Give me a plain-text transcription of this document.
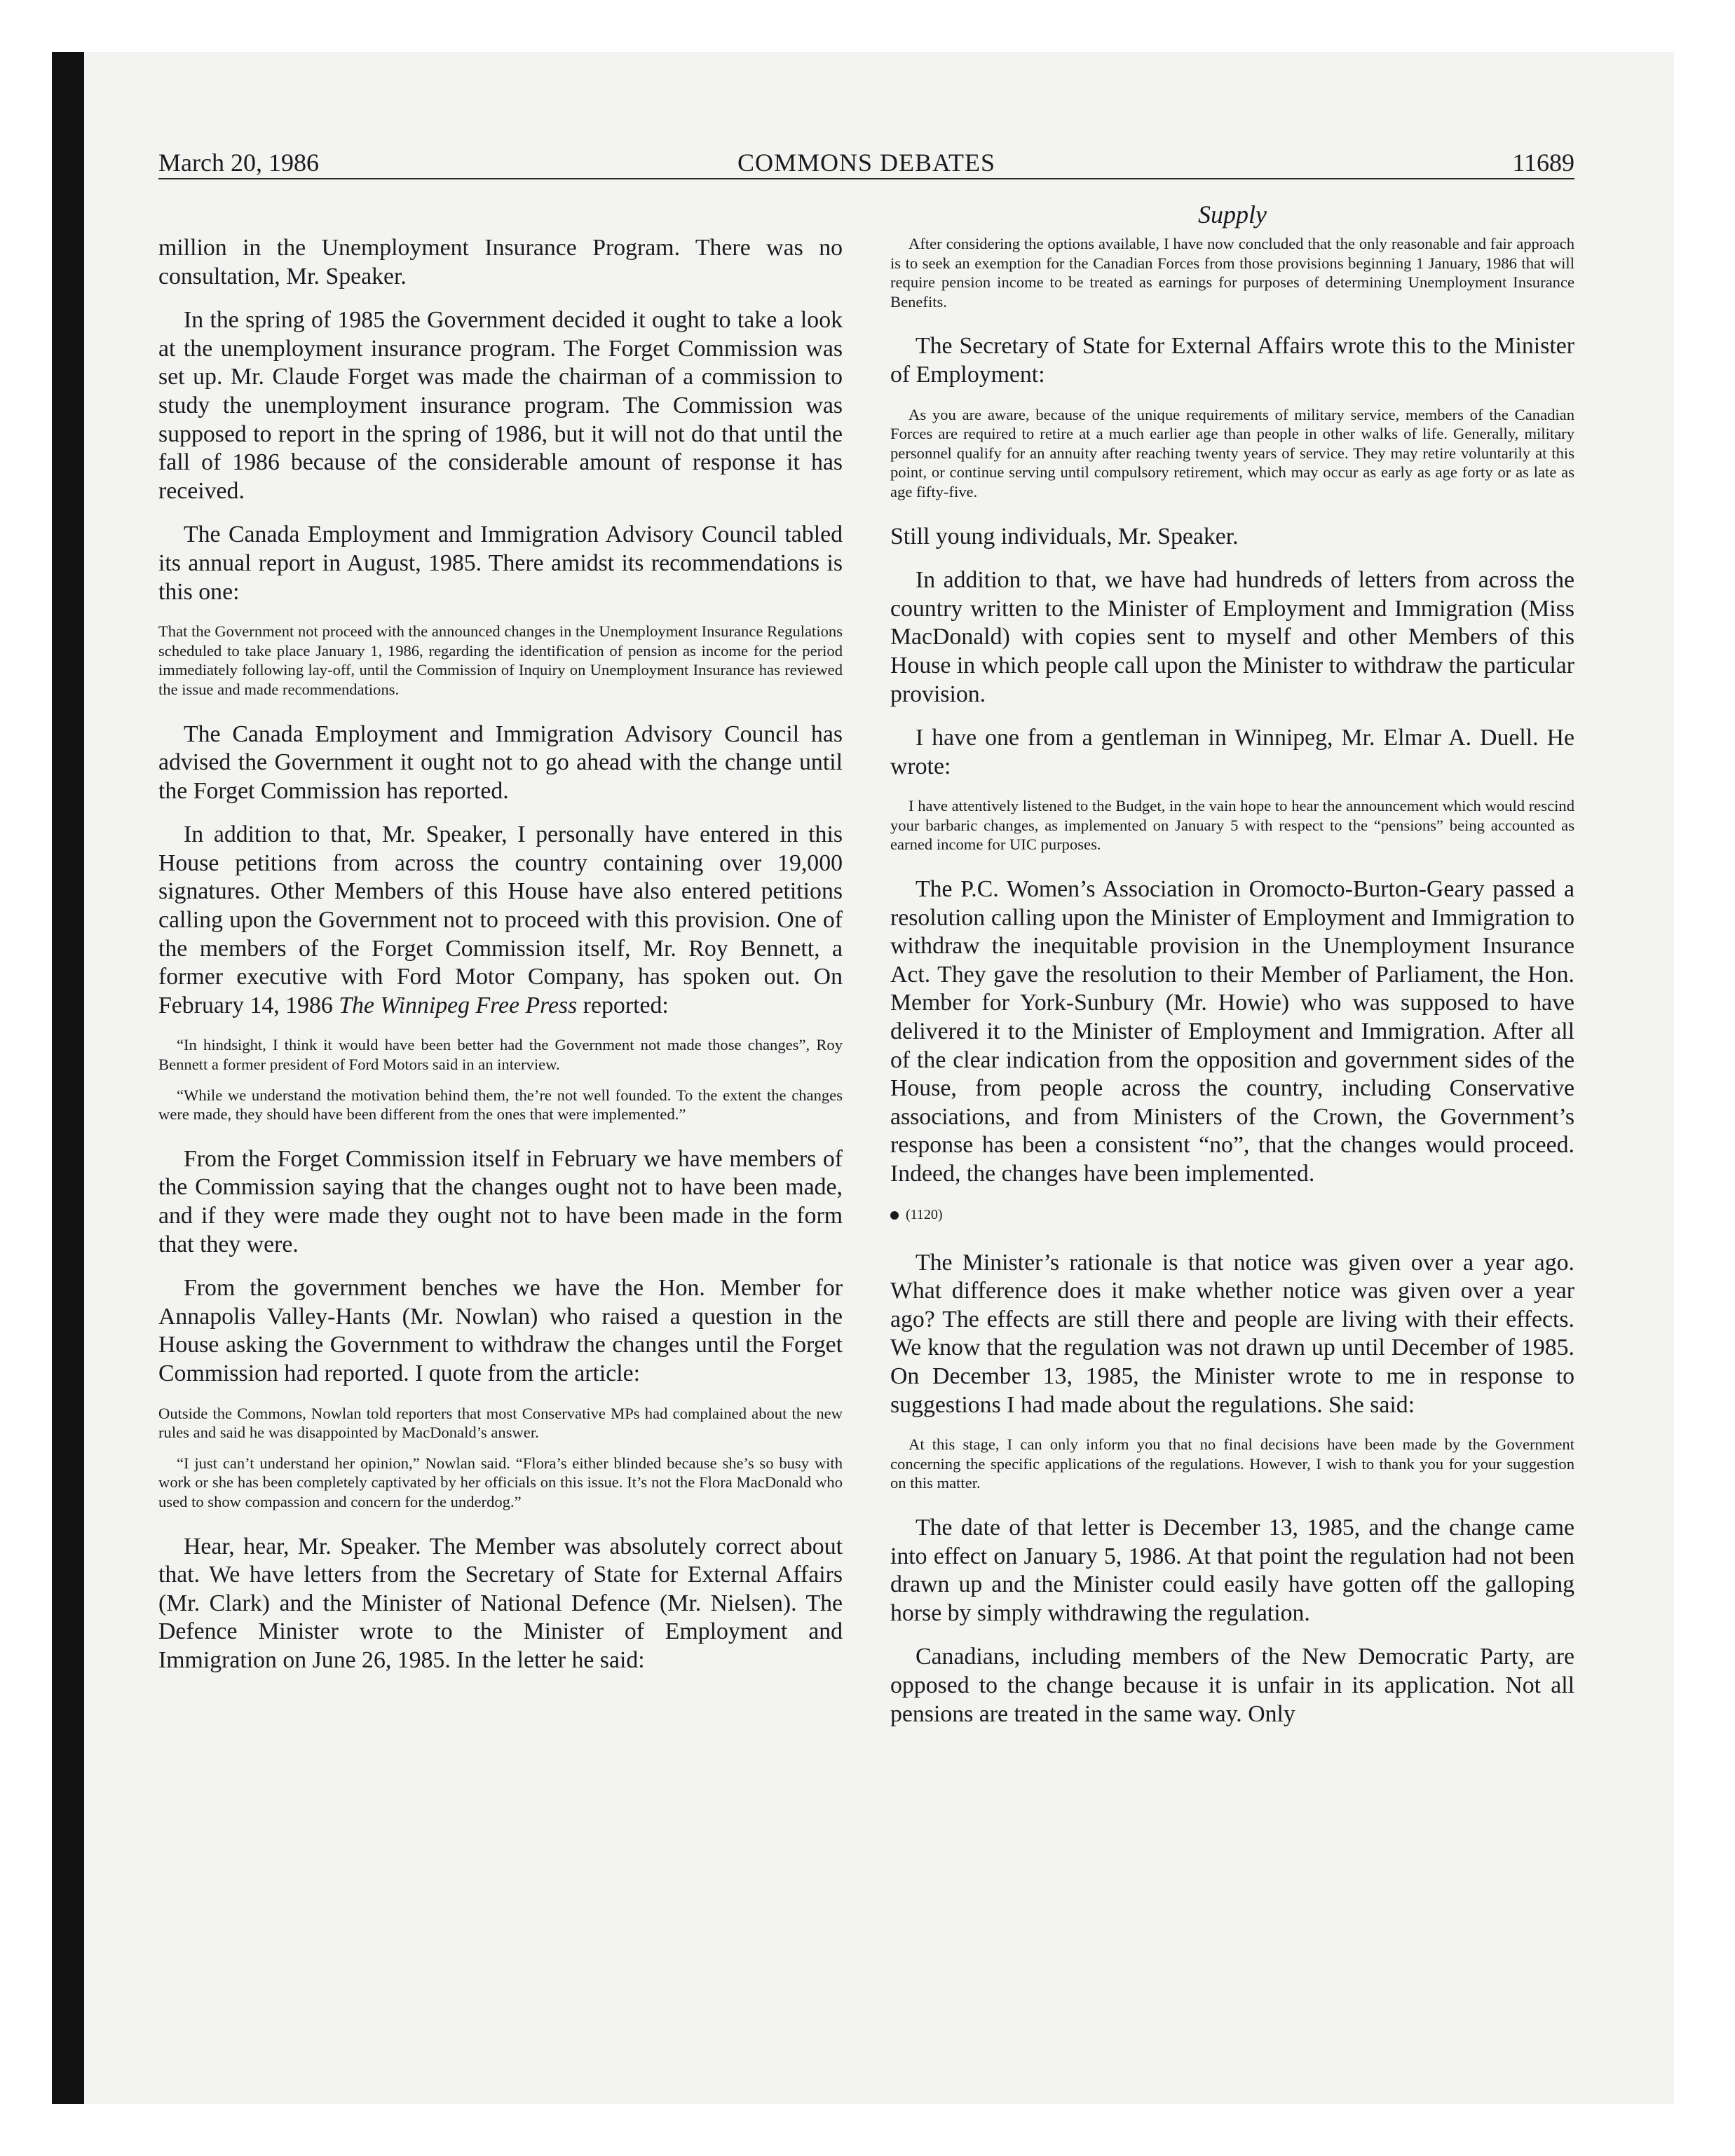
COMMONS DEBATES
March 20, 1986	11689
Supply

million in the Unemployment Insurance Program. There was no consultation, Mr. Speaker.

In the spring of 1985 the Government decided it ought to take a look at the unemployment insurance program. The Forget Commission was set up. Mr. Claude Forget was made the chairman of a commission to study the unemployment insurance program. The Commission was supposed to report in the spring of 1986, but it will not do that until the fall of 1986 because of the considerable amount of response it has received.

The Canada Employment and Immigration Advisory Council tabled its annual report in August, 1985. There amidst its recommendations is this one:

That the Government not proceed with the announced changes in the Unemployment Insurance Regulations scheduled to take place January 1, 1986, regarding the identification of pension as income for the period immediately following lay-off, until the Commission of Inquiry on Unemployment Insurance has reviewed the issue and made recommendations.

The Canada Employment and Immigration Advisory Council has advised the Government it ought not to go ahead with the change until the Forget Commission has reported.

In addition to that, Mr. Speaker, I personally have entered in this House petitions from across the country containing over 19,000 signatures. Other Members of this House have also entered petitions calling upon the Government not to proceed with this provision. One of the members of the Forget Commission itself, Mr. Roy Bennett, a former executive with Ford Motor Company, has spoken out. On February 14, 1986 The Winnipeg Free Press reported:

“In hindsight, I think it would have been better had the Government not made those changes”, Roy Bennett a former president of Ford Motors said in an interview.

“While we understand the motivation behind them, the’re not well founded. To the extent the changes were made, they should have been different from the ones that were implemented.”

From the Forget Commission itself in February we have members of the Commission saying that the changes ought not to have been made, and if they were made they ought not to have been made in the form that they were.

From the government benches we have the Hon. Member for Annapolis Valley-Hants (Mr. Nowlan) who raised a question in the House asking the Government to withdraw the changes until the Forget Commission had reported. I quote from the article:

Outside the Commons, Nowlan told reporters that most Conservative MPs had complained about the new rules and said he was disappointed by MacDonald’s answer.

“I just can’t understand her opinion,” Nowlan said. “Flora’s either blinded because she’s so busy with work or she has been completely captivated by her officials on this issue. It’s not the Flora MacDonald who used to show compassion and concern for the underdog.”

Hear, hear, Mr. Speaker. The Member was absolutely correct about that. We have letters from the Secretary of State for External Affairs (Mr. Clark) and the Minister of National Defence (Mr. Nielsen). The Defence Minister wrote to the Minister of Employment and Immigration on June 26, 1985. In the letter he said:

After considering the options available, I have now concluded that the only reasonable and fair approach is to seek an exemption for the Canadian Forces from those provisions beginning 1 January, 1986 that will require pension income to be treated as earnings for purposes of determining Unemployment Insurance Benefits.

The Secretary of State for External Affairs wrote this to the Minister of Employment:

As you are aware, because of the unique requirements of military service, members of the Canadian Forces are required to retire at a much earlier age than people in other walks of life. Generally, military personnel qualify for an annuity after reaching twenty years of service. They may retire voluntarily at this point, or continue serving until compulsory retirement, which may occur as early as age forty or as late as age fifty-five.

Still young individuals, Mr. Speaker.

In addition to that, we have had hundreds of letters from across the country written to the Minister of Employment and Immigration (Miss MacDonald) with copies sent to myself and other Members of this House in which people call upon the Minister to withdraw the particular provision.

I have one from a gentleman in Winnipeg, Mr. Elmar A. Duell. He wrote:

I have attentively listened to the Budget, in the vain hope to hear the announcement which would rescind your barbaric changes, as implemented on January 5 with respect to the “pensions” being accounted as earned income for UIC purposes.

The P.C. Women’s Association in Oromocto-Burton-Geary passed a resolution calling upon the Minister of Employment and Immigration to withdraw the inequitable provision in the Unemployment Insurance Act. They gave the resolution to their Member of Parliament, the Hon. Member for York-Sunbury (Mr. Howie) who was supposed to have delivered it to the Minister of Employment and Immigration. After all of the clear indication from the opposition and government sides of the House, from people across the country, including Conservative associations, and from Ministers of the Crown, the Government’s response has been a consistent “no”, that the changes would proceed. Indeed, the changes have been implemented.

(1120)

The Minister’s rationale is that notice was given over a year ago. What difference does it make whether notice was given over a year ago? The effects are still there and people are living with their effects. We know that the regulation was not drawn up until December of 1985. On December 13, 1985, the Minister wrote to me in response to suggestions I had made about the regulations. She said:

At this stage, I can only inform you that no final decisions have been made by the Government concerning the specific applications of the regulations. However, I wish to thank you for your suggestion on this matter.

The date of that letter is December 13, 1985, and the change came into effect on January 5, 1986. At that point the regulation had not been drawn up and the Minister could easily have gotten off the galloping horse by simply withdrawing the regulation.

Canadians, including members of the New Democratic Party, are opposed to the change because it is unfair in its application. Not all pensions are treated in the same way. Only
